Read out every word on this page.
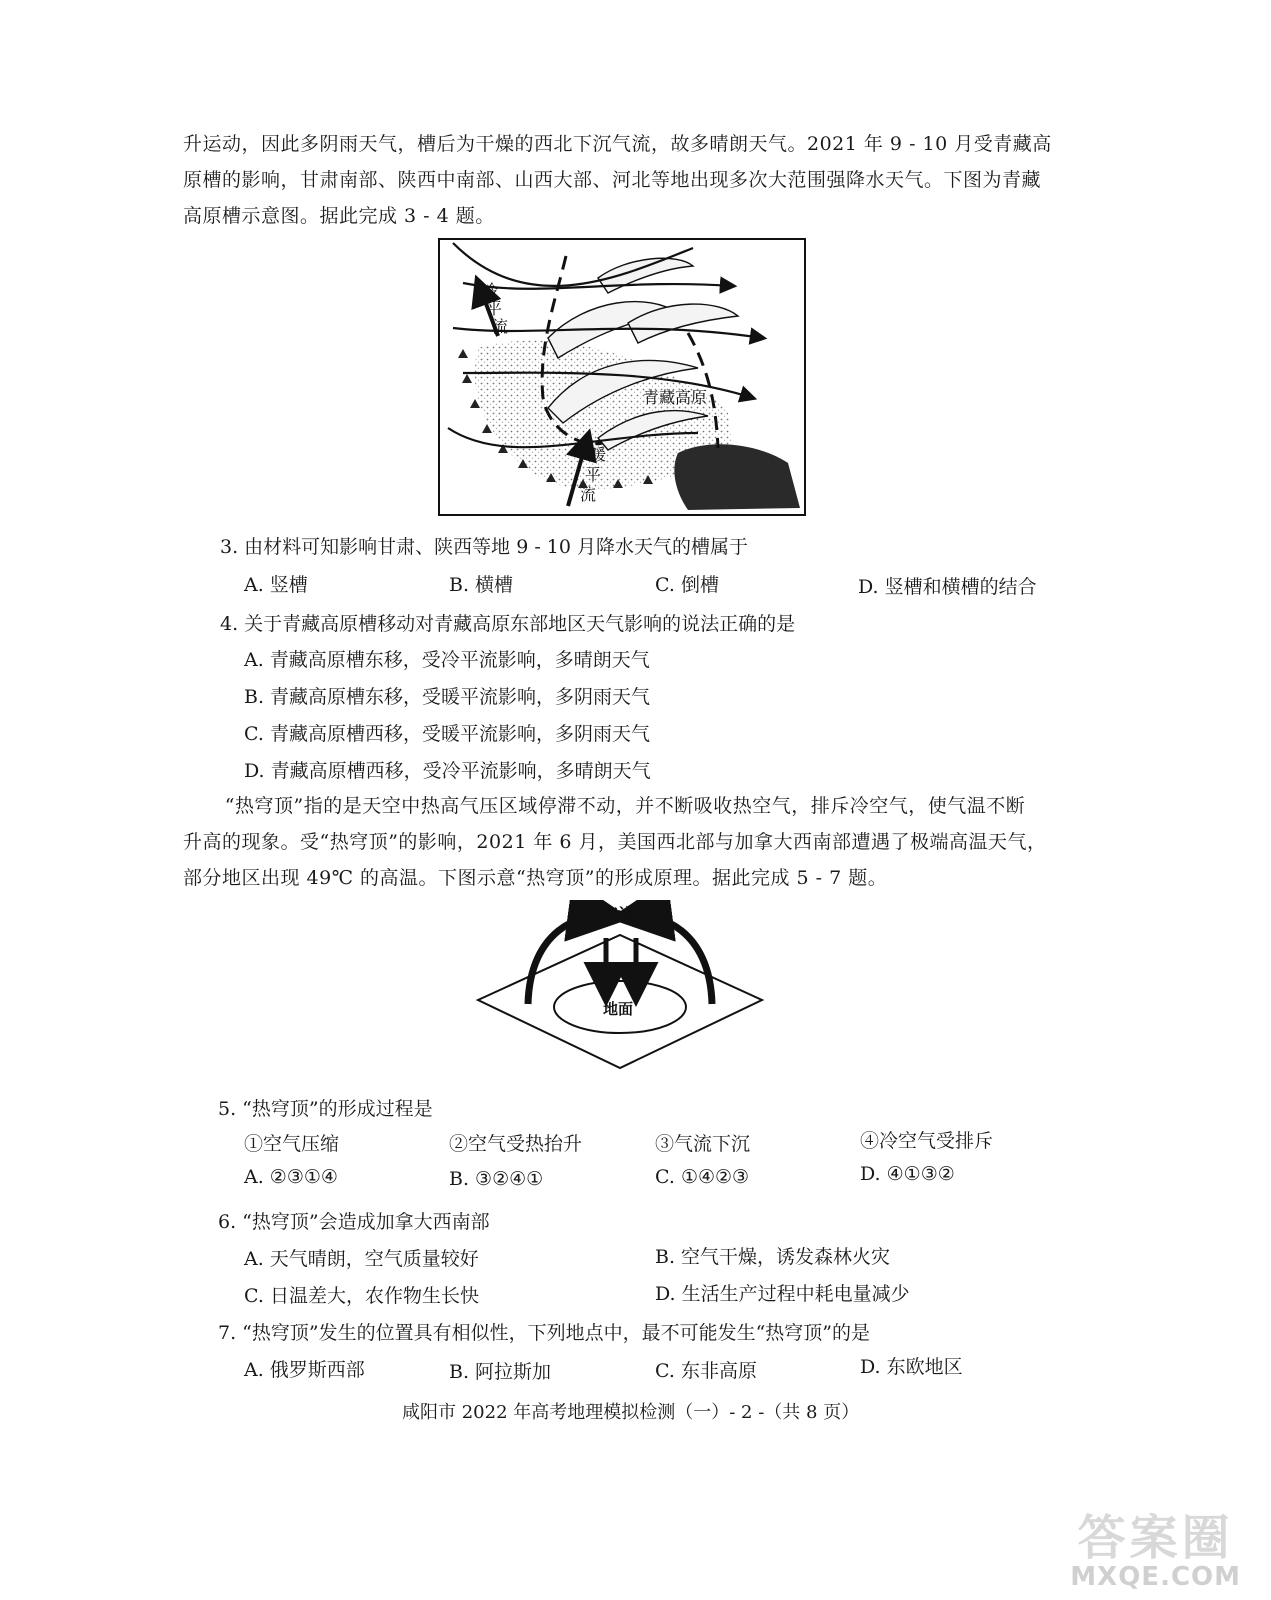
升运动，因此多阴雨天气，槽后为干燥的西北下沉气流，故多晴朗天气。2021 年 9 - 10 月受青藏高

原槽的影响，甘肃南部、陕西中南部、山西大部、河北等地出现多次大范围强降水天气。下图为青藏

高原槽示意图。据此完成 3 - 4 题。

冷
平
流
青藏高原
暖
平
流
3. 由材料可知影响甘肃、陕西等地 9 - 10 月降水天气的槽属于
A. 竖槽	B. 横槽	C. 倒槽	D. 竖槽和横槽的结合
4. 关于青藏高原槽移动对青藏高原东部地区天气影响的说法正确的是
A. 青藏高原槽东移，受冷平流影响，多晴朗天气
B. 青藏高原槽东移，受暖平流影响，多阴雨天气
C. 青藏高原槽西移，受暖平流影响，多阴雨天气
D. 青藏高原槽西移，受冷平流影响，多晴朗天气

“热穹顶”指的是天空中热高气压区域停滞不动，并不断吸收热空气，排斥冷空气，使气温不断

升高的现象。受“热穹顶”的影响，2021 年 6 月，美国西北部与加拿大西南部遭遇了极端高温天气，

部分地区出现 49℃ 的高温。下图示意“热穹顶”的形成原理。据此完成 5 - 7 题。

气流
地面
5. “热穹顶”的形成过程是
①空气压缩	②空气受热抬升	③气流下沉	④冷空气受排斥
A. ②③①④	B. ③②④①	C. ①④②③	D. ④①③②
6. “热穹顶”会造成加拿大西南部
A. 天气晴朗，空气质量较好	B. 空气干燥，诱发森林火灾
C. 日温差大，农作物生长快	D. 生活生产过程中耗电量减少
7. “热穹顶”发生的位置具有相似性，下列地点中，最不可能发生“热穹顶”的是
A. 俄罗斯西部	B. 阿拉斯加	C. 东非高原	D. 东欧地区
咸阳市 2022 年高考地理模拟检测（一）- 2 -（共 8 页）
答案圈
MXQE.COM
